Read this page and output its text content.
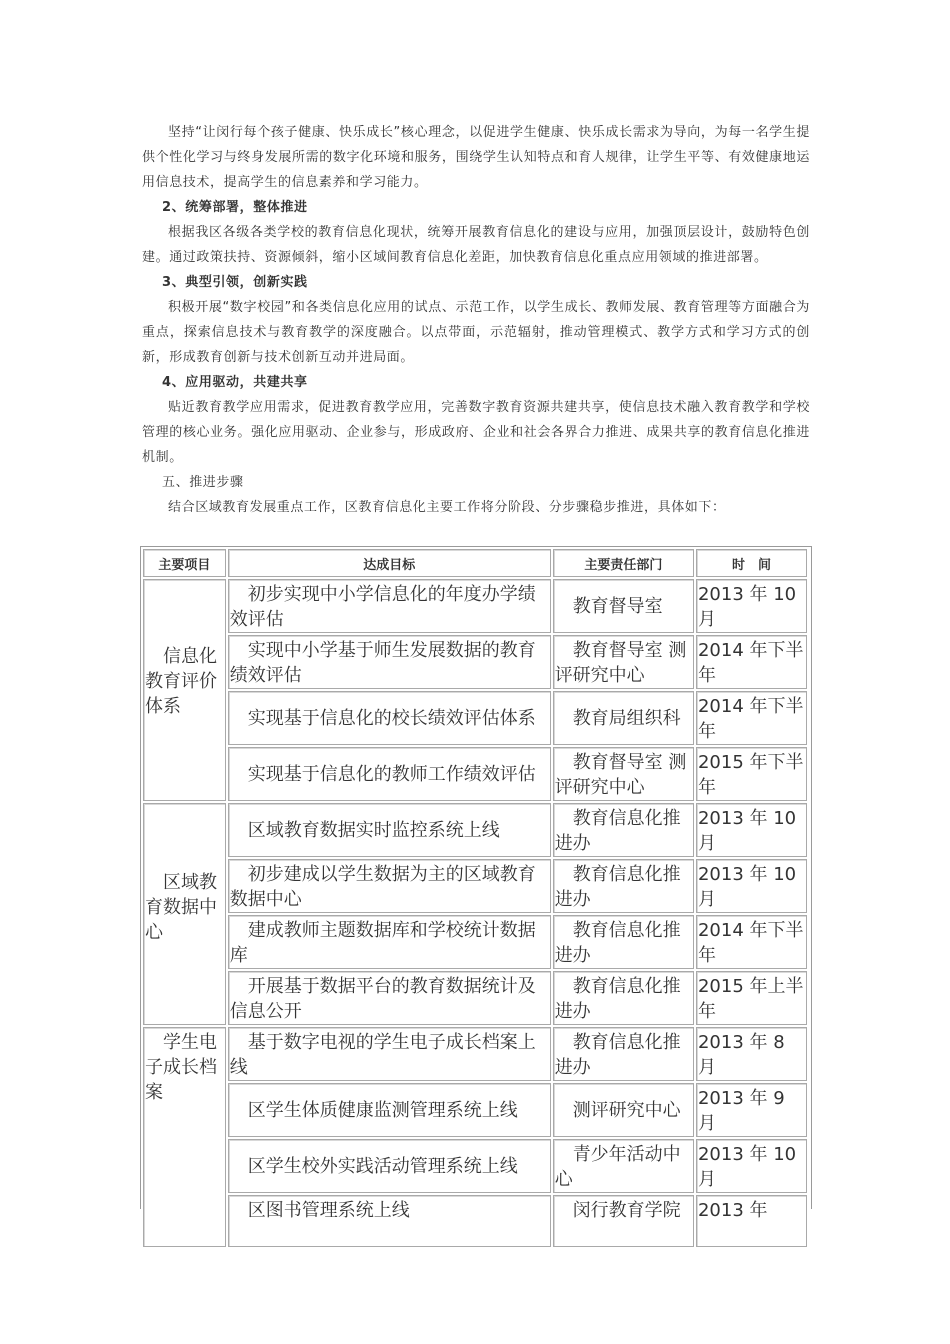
坚持“让闵行每个孩子健康、快乐成长”核心理念，以促进学生健康、快乐成长需求为导向，为每一名学生提供个性化学习与终身发展所需的数字化环境和服务，围绕学生认知特点和育人规律，让学生平等、有效健康地运用信息技术，提高学生的信息素养和学习能力。

2、统筹部署，整体推进

根据我区各级各类学校的教育信息化现状，统筹开展教育信息化的建设与应用，加强顶层设计，鼓励特色创建。通过政策扶持、资源倾斜，缩小区域间教育信息化差距，加快教育信息化重点应用领域的推进部署。

3、典型引领，创新实践

积极开展“数字校园”和各类信息化应用的试点、示范工作，以学生成长、教师发展、教育管理等方面融合为重点，探索信息技术与教育教学的深度融合。以点带面，示范辐射，推动管理模式、教学方式和学习方式的创新，形成教育创新与技术创新互动并进局面。

4、应用驱动，共建共享

贴近教育教学应用需求，促进教育教学应用，完善数字教育资源共建共享，使信息技术融入教育教学和学校管理的核心业务。强化应用驱动、企业参与，形成政府、企业和社会各界合力推进、成果共享的教育信息化推进机制。

五、推进步骤

结合区域教育发展重点工作，区教育信息化主要工作将分阶段、分步骤稳步推进，具体如下：

主要项目	达成目标	主要责任部门	时　间
信息化教育评价体系	初步实现中小学信息化的年度办学绩效评估	教育督导室	2013 年 10 月
	实现中小学基于师生发展数据的教育绩效评估	教育督导室 测评研究中心	2014 年下半年
	实现基于信息化的校长绩效评估体系	教育局组织科	2014 年下半年
	实现基于信息化的教师工作绩效评估	教育督导室 测评研究中心	2015 年下半年
区域教育数据中心	区域教育数据实时监控系统上线	教育信息化推进办	2013 年 10 月
	初步建成以学生数据为主的区域教育数据中心	教育信息化推进办	2013 年 10 月
	建成教师主题数据库和学校统计数据库	教育信息化推进办	2014 年下半年
	开展基于数据平台的教育数据统计及信息公开	教育信息化推进办	2015 年上半年
学生电子成长档案	基于数字电视的学生电子成长档案上线	教育信息化推进办	2013 年 8 月
	区学生体质健康监测管理系统上线	测评研究中心	2013 年 9 月
	区学生校外实践活动管理系统上线	青少年活动中心	2013 年 10 月
	区图书管理系统上线	闵行教育学院	2013 年
